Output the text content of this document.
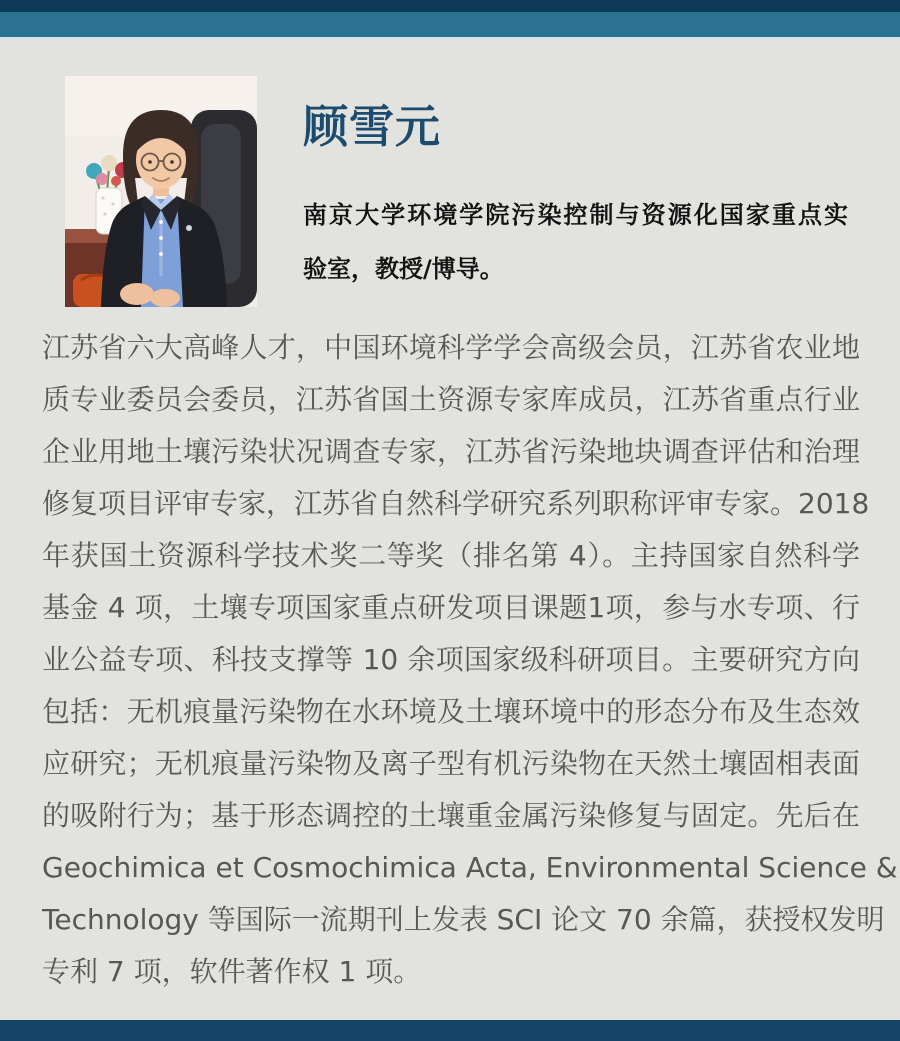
顾雪元
南京大学环境学院污染控制与资源化国家重点实
验室，教授/博导。
江苏省六大高峰人才，中国环境科学学会高级会员，江苏省农业地
质专业委员会委员，江苏省国土资源专家库成员，江苏省重点行业
企业用地土壤污染状况调查专家，江苏省污染地块调查评估和治理
修复项目评审专家，江苏省自然科学研究系列职称评审专家。2018
年获国土资源科学技术奖二等奖（排名第 4）。主持国家自然科学
基金 4 项，土壤专项国家重点研发项目课题1项，参与水专项、行
业公益专项、科技支撑等 10 余项国家级科研项目。主要研究方向
包括：无机痕量污染物在水环境及土壤环境中的形态分布及生态效
应研究；无机痕量污染物及离子型有机污染物在天然土壤固相表面
的吸附行为；基于形态调控的土壤重金属污染修复与固定。先后在
Geochimica et Cosmochimica Acta, Environmental Science &
Technology 等国际一流期刊上发表 SCI 论文 70 余篇，获授权发明
专利 7 项，软件著作权 1 项。
